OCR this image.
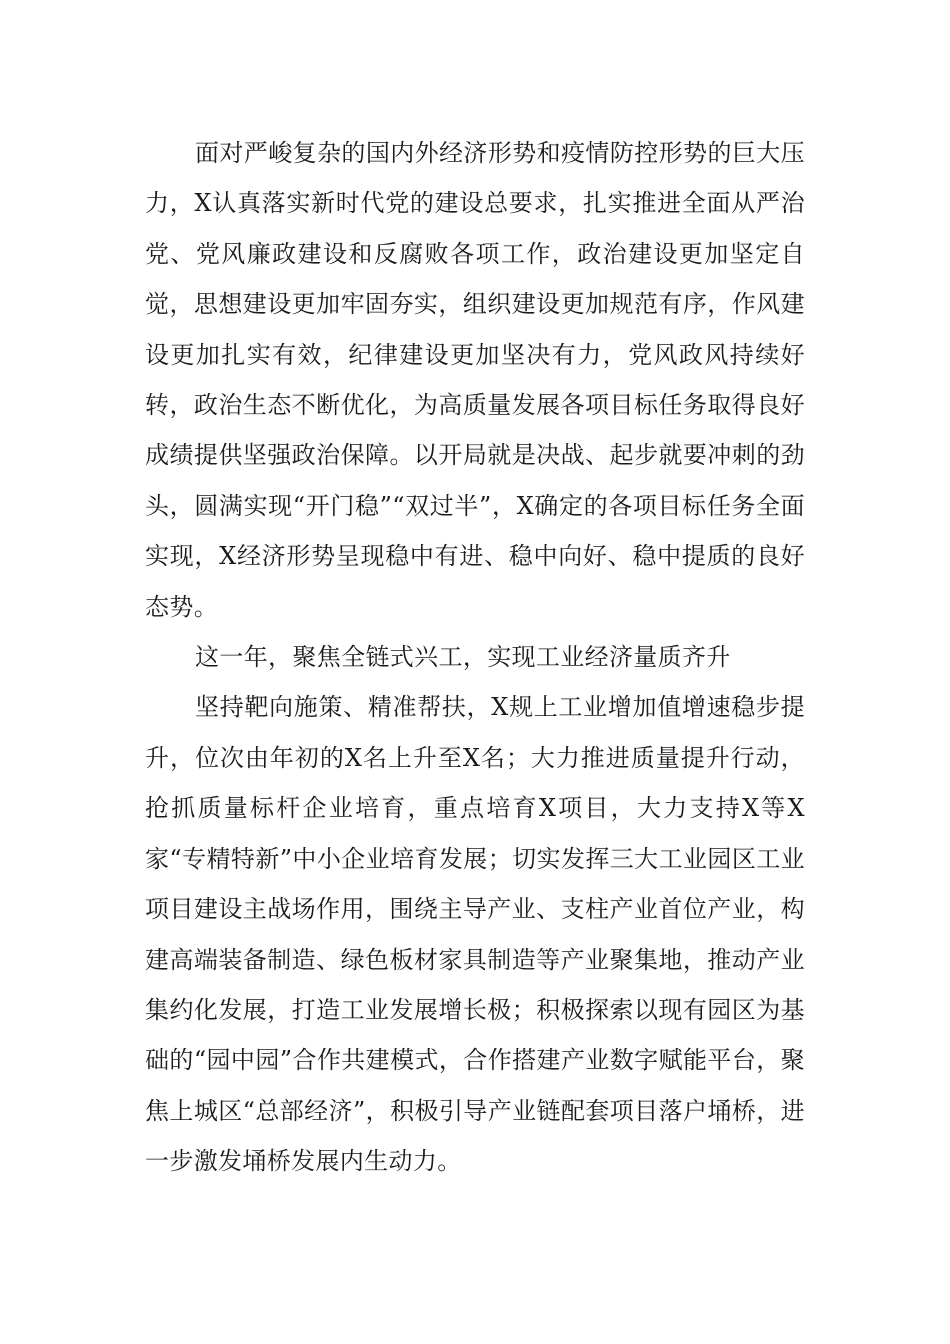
面对严峻复杂的国内外经济形势和疫情防控形势的巨大压力，X认真落实新时代党的建设总要求，扎实推进全面从严治党、党风廉政建设和反腐败各项工作，政治建设更加坚定自觉，思想建设更加牢固夯实，组织建设更加规范有序，作风建设更加扎实有效，纪律建设更加坚决有力，党风政风持续好转，政治生态不断优化，为高质量发展各项目标任务取得良好成绩提供坚强政治保障。以开局就是决战、起步就要冲刺的劲头，圆满实现“开门稳”“双过半”，X确定的各项目标任务全面实现，X经济形势呈现稳中有进、稳中向好、稳中提质的良好态势。

这一年，聚焦全链式兴工，实现工业经济量质齐升

坚持靶向施策、精准帮扶，X规上工业增加值增速稳步提升，位次由年初的X名上升至X名；大力推进质量提升行动，抢抓质量标杆企业培育，重点培育X项目，大力支持X等X家“专精特新”中小企业培育发展；切实发挥三大工业园区工业项目建设主战场作用，围绕主导产业、支柱产业首位产业，构建高端装备制造、绿色板材家具制造等产业聚集地，推动产业集约化发展，打造工业发展增长极；积极探索以现有园区为基础的“园中园”合作共建模式，合作搭建产业数字赋能平台，聚焦上城区“总部经济”，积极引导产业链配套项目落户埇桥，进一步激发埇桥发展内生动力。
